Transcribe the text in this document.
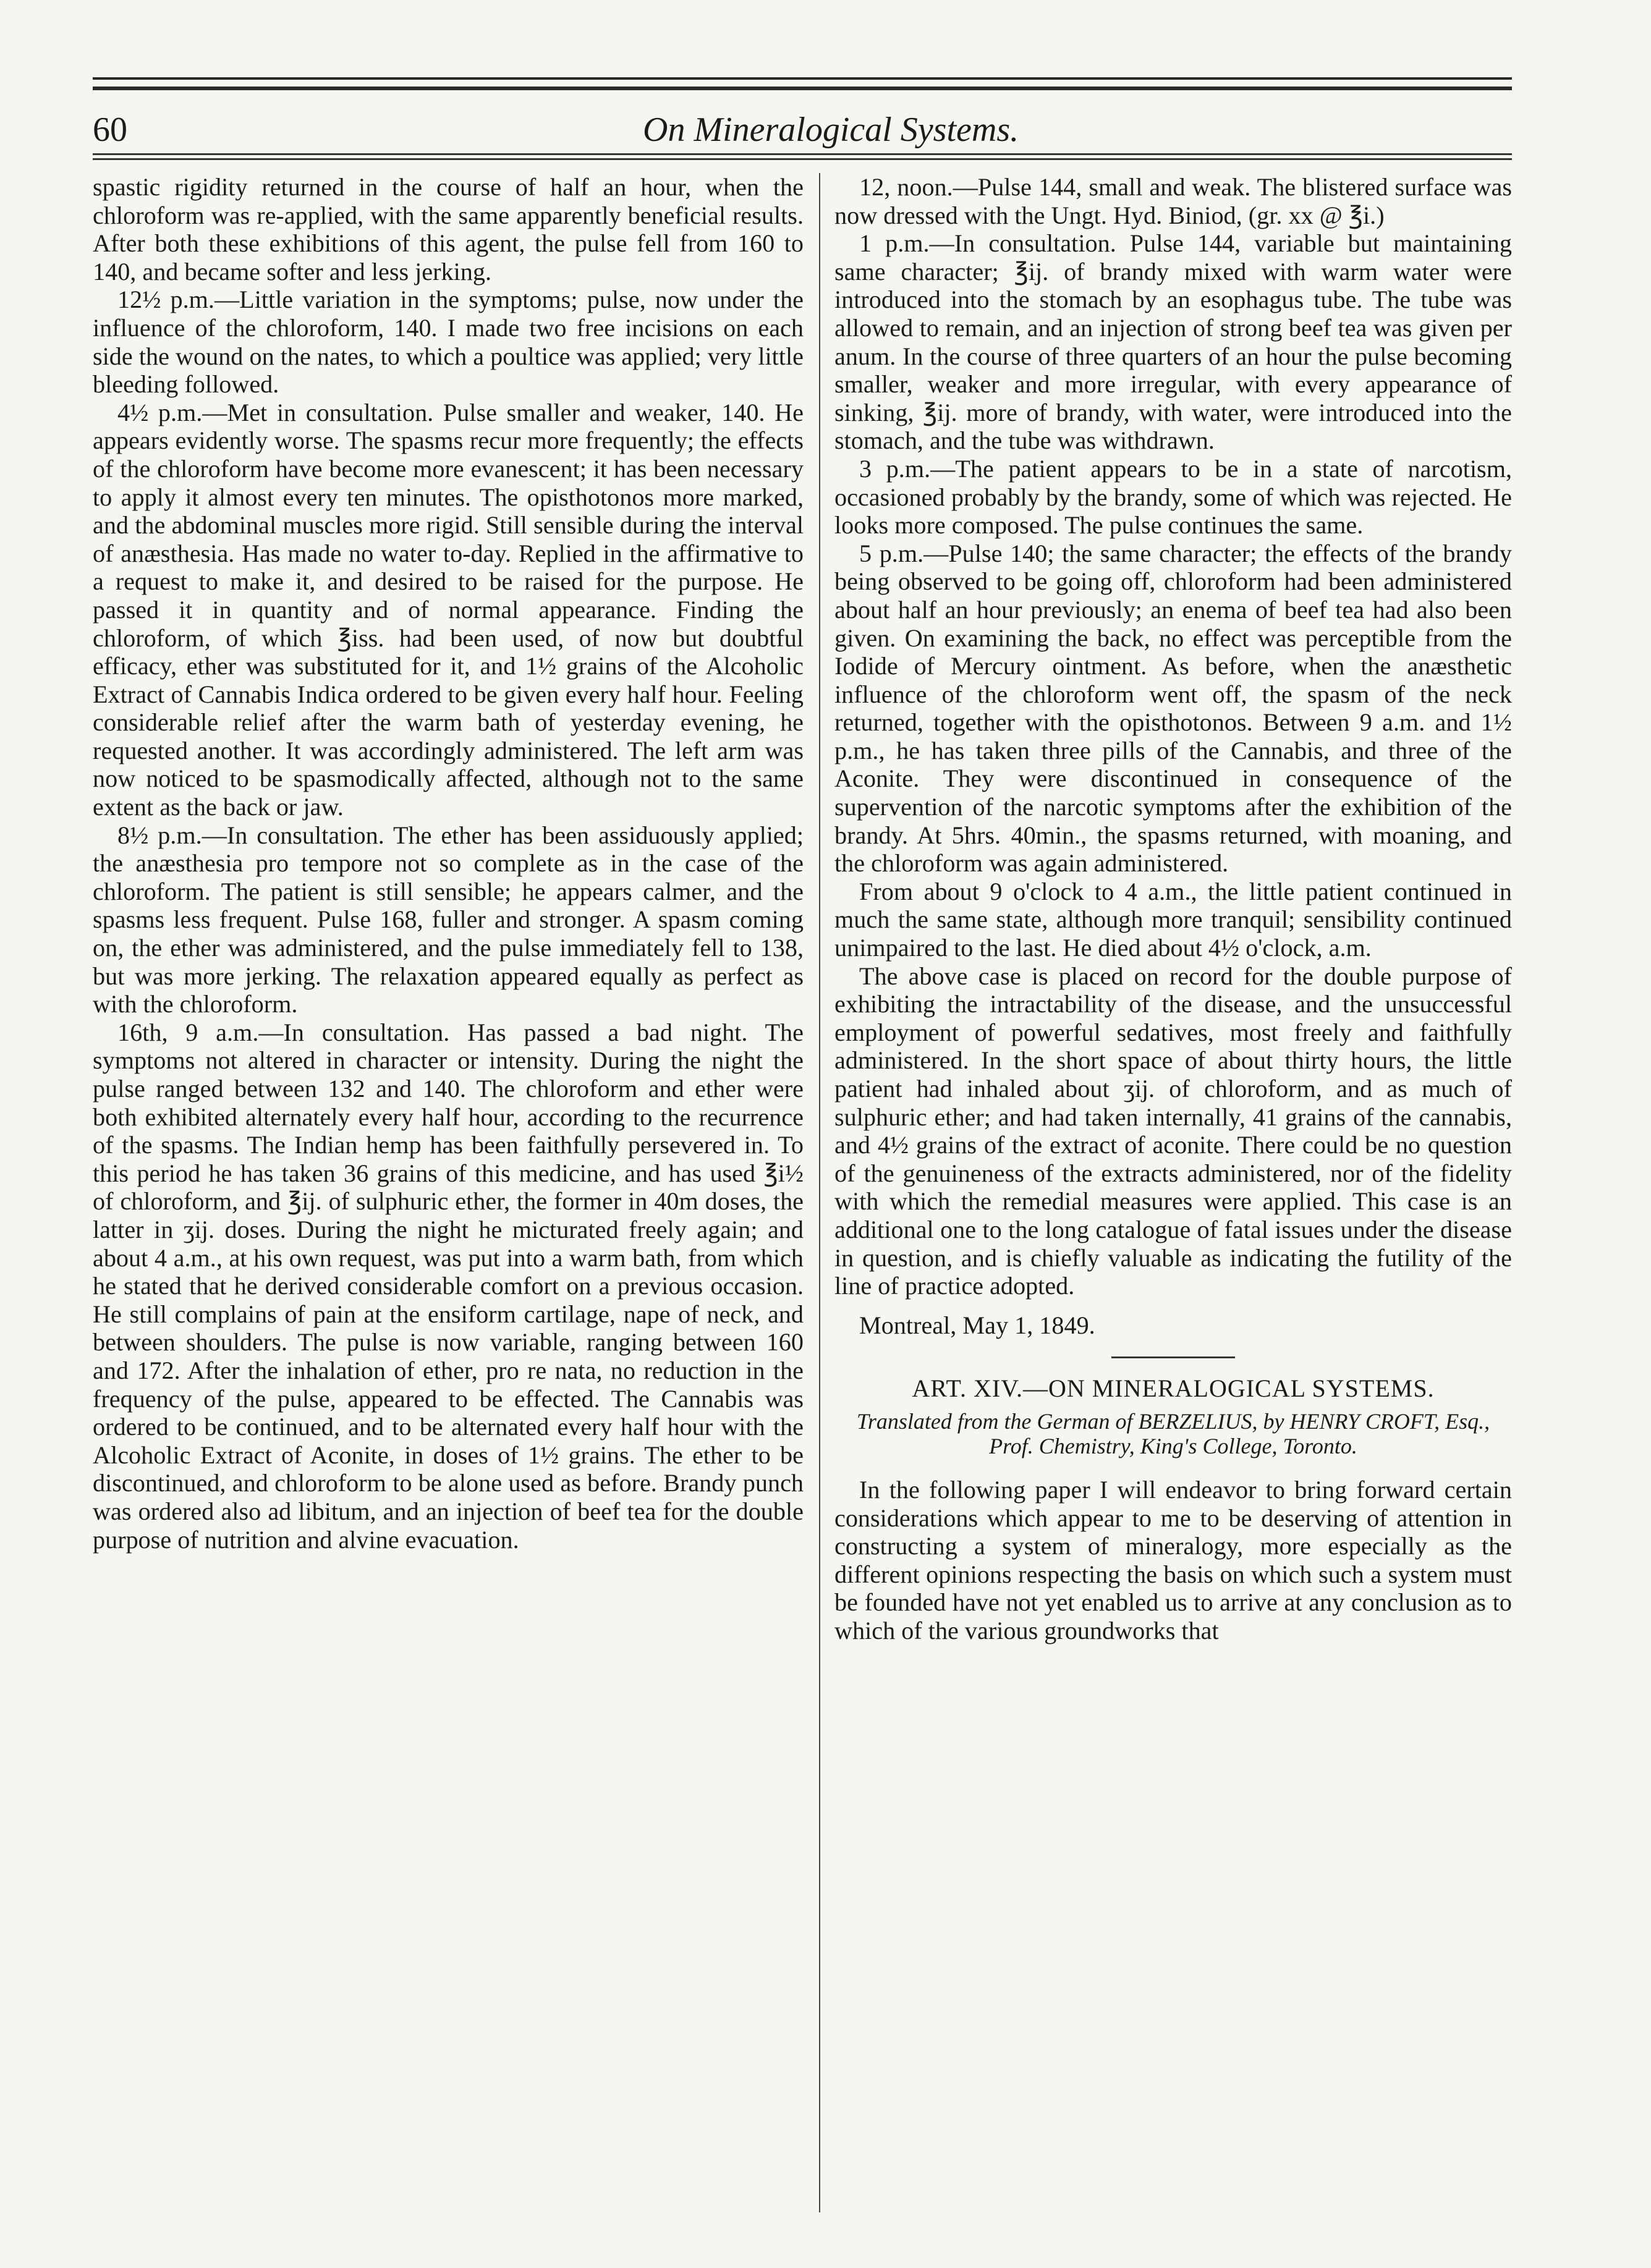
60	On Mineralogical Systems.

spastic rigidity returned in the course of half an hour, when the chloroform was re-applied, with the same apparently beneficial results. After both these exhibitions of this agent, the pulse fell from 160 to 140, and became softer and less jerking.

12½ p.m.—Little variation in the symptoms; pulse, now under the influence of the chloroform, 140. I made two free incisions on each side the wound on the nates, to which a poultice was applied; very little bleeding followed.

4½ p.m.—Met in consultation. Pulse smaller and weaker, 140. He appears evidently worse. The spasms recur more frequently; the effects of the chloroform have become more evanescent; it has been necessary to apply it almost every ten minutes. The opisthotonos more marked, and the abdominal muscles more rigid. Still sensible during the interval of anæsthesia. Has made no water to-day. Replied in the affirmative to a request to make it, and desired to be raised for the purpose. He passed it in quantity and of normal appearance. Finding the chloroform, of which ℥iss. had been used, of now but doubtful efficacy, ether was substituted for it, and 1½ grains of the Alcoholic Extract of Cannabis Indica ordered to be given every half hour. Feeling considerable relief after the warm bath of yesterday evening, he requested another. It was accordingly administered. The left arm was now noticed to be spasmodically affected, although not to the same extent as the back or jaw.

8½ p.m.—In consultation. The ether has been assiduously applied; the anæsthesia pro tempore not so complete as in the case of the chloroform. The patient is still sensible; he appears calmer, and the spasms less frequent. Pulse 168, fuller and stronger. A spasm coming on, the ether was administered, and the pulse immediately fell to 138, but was more jerking. The relaxation appeared equally as perfect as with the chloroform.

16th, 9 a.m.—In consultation. Has passed a bad night. The symptoms not altered in character or intensity. During the night the pulse ranged between 132 and 140. The chloroform and ether were both exhibited alternately every half hour, according to the recurrence of the spasms. The Indian hemp has been faithfully persevered in. To this period he has taken 36 grains of this medicine, and has used ℥i½ of chloroform, and ℥ij. of sulphuric ether, the former in 40m doses, the latter in ʒij. doses. During the night he micturated freely again; and about 4 a.m., at his own request, was put into a warm bath, from which he stated that he derived considerable comfort on a previous occasion. He still complains of pain at the ensiform cartilage, nape of neck, and between shoulders. The pulse is now variable, ranging between 160 and 172. After the inhalation of ether, pro re nata, no reduction in the frequency of the pulse, appeared to be effected. The Cannabis was ordered to be continued, and to be alternated every half hour with the Alcoholic Extract of Aconite, in doses of 1½ grains. The ether to be discontinued, and chloroform to be alone used as before. Brandy punch was ordered also ad libitum, and an injection of beef tea for the double purpose of nutrition and alvine evacuation.

12, noon.—Pulse 144, small and weak. The blistered surface was now dressed with the Ungt. Hyd. Biniod, (gr. xx @ ℥i.)

1 p.m.—In consultation. Pulse 144, variable but maintaining same character; ℥ij. of brandy mixed with warm water were introduced into the stomach by an esophagus tube. The tube was allowed to remain, and an injection of strong beef tea was given per anum. In the course of three quarters of an hour the pulse becoming smaller, weaker and more irregular, with every appearance of sinking, ℥ij. more of brandy, with water, were introduced into the stomach, and the tube was withdrawn.

3 p.m.—The patient appears to be in a state of narcotism, occasioned probably by the brandy, some of which was rejected. He looks more composed. The pulse continues the same.

5 p.m.—Pulse 140; the same character; the effects of the brandy being observed to be going off, chloroform had been administered about half an hour previously; an enema of beef tea had also been given. On examining the back, no effect was perceptible from the Iodide of Mercury ointment. As before, when the anæsthetic influence of the chloroform went off, the spasm of the neck returned, together with the opisthotonos. Between 9 a.m. and 1½ p.m., he has taken three pills of the Cannabis, and three of the Aconite. They were discontinued in consequence of the supervention of the narcotic symptoms after the exhibition of the brandy. At 5hrs. 40min., the spasms returned, with moaning, and the chloroform was again administered.

From about 9 o'clock to 4 a.m., the little patient continued in much the same state, although more tranquil; sensibility continued unimpaired to the last. He died about 4½ o'clock, a.m.

The above case is placed on record for the double purpose of exhibiting the intractability of the disease, and the unsuccessful employment of powerful sedatives, most freely and faithfully administered. In the short space of about thirty hours, the little patient had inhaled about ʒij. of chloroform, and as much of sulphuric ether; and had taken internally, 41 grains of the cannabis, and 4½ grains of the extract of aconite. There could be no question of the genuineness of the extracts administered, nor of the fidelity with which the remedial measures were applied. This case is an additional one to the long catalogue of fatal issues under the disease in question, and is chiefly valuable as indicating the futility of the line of practice adopted.

Montreal, May 1, 1849.

ART. XIV.—ON MINERALOGICAL SYSTEMS.
Translated from the German of BERZELIUS, by HENRY CROFT, Esq., Prof. Chemistry, King's College, Toronto.

In the following paper I will endeavor to bring forward certain considerations which appear to me to be deserving of attention in constructing a system of mineralogy, more especially as the different opinions respecting the basis on which such a system must be founded have not yet enabled us to arrive at any conclusion as to which of the various groundworks that
